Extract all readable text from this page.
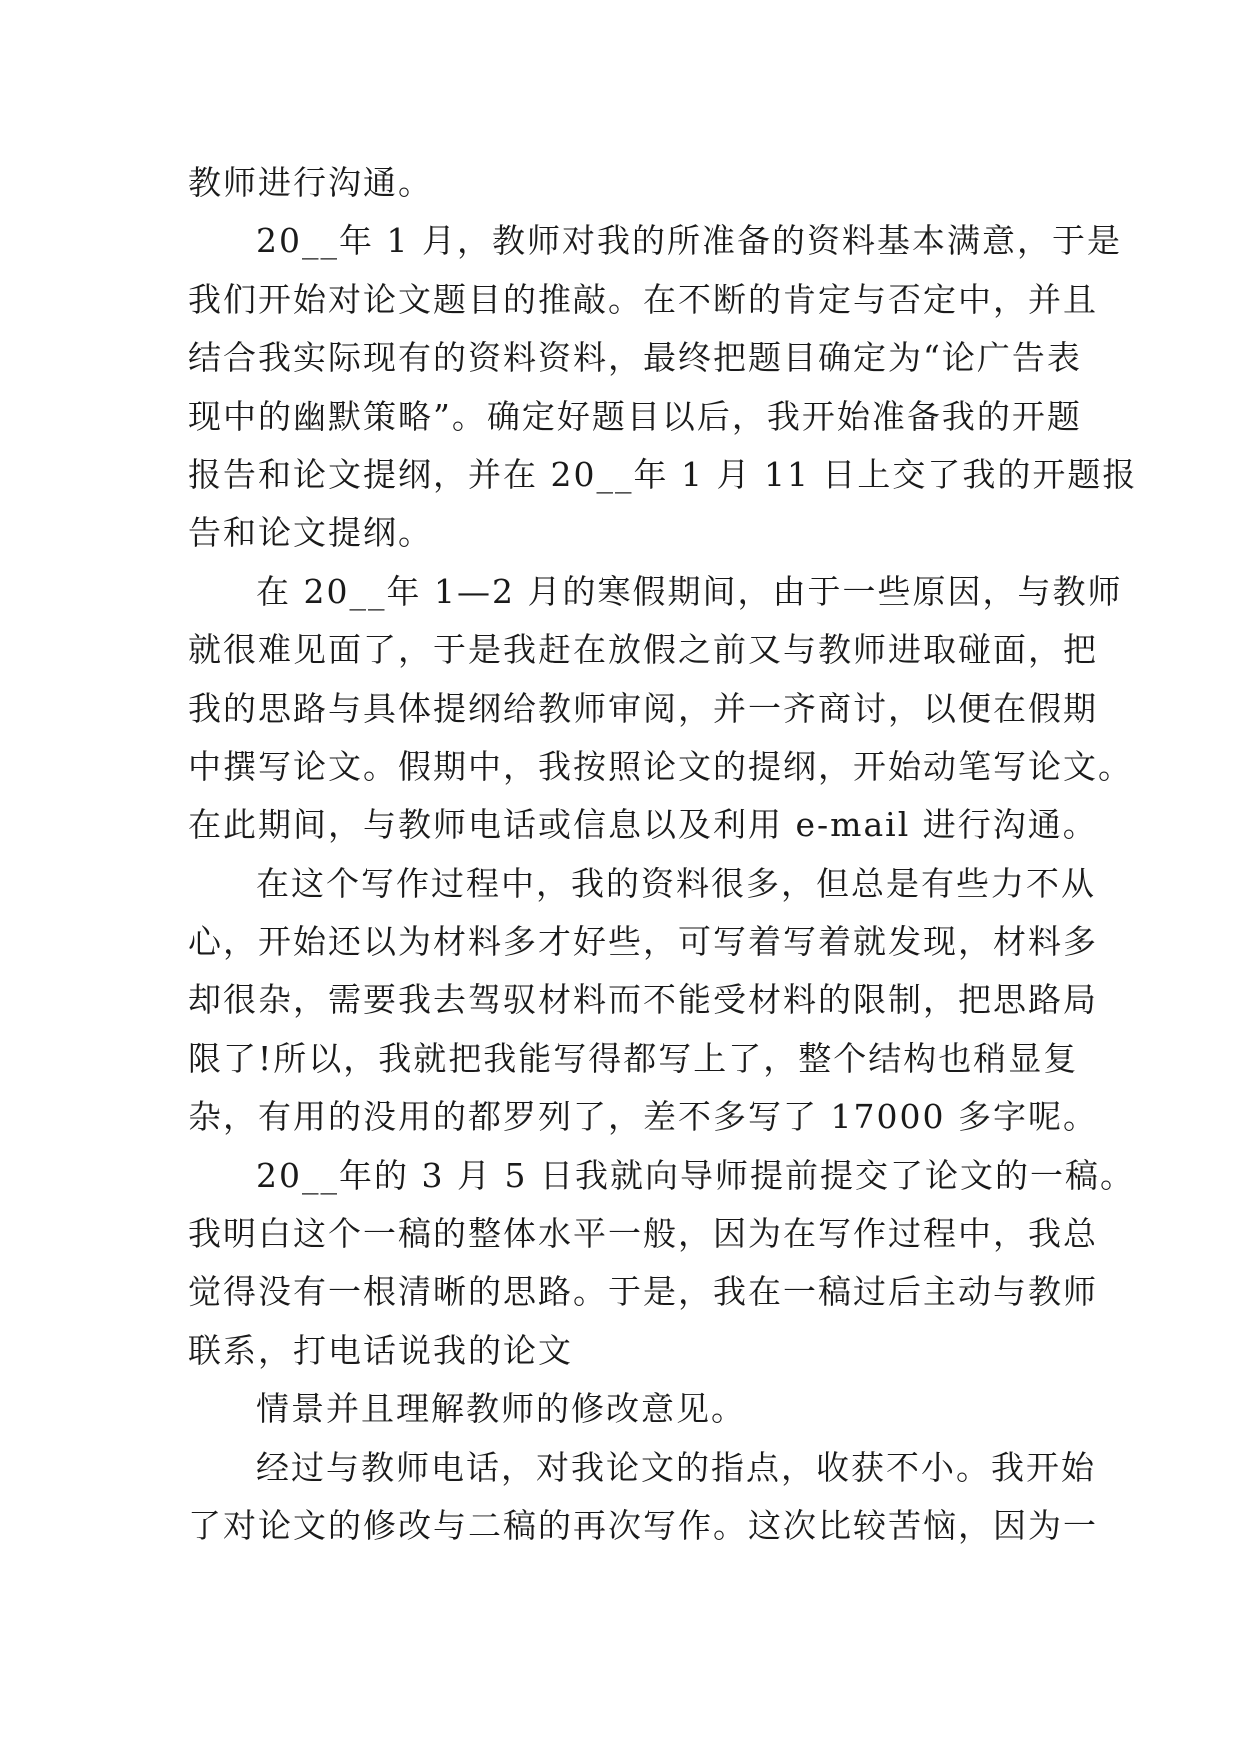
教师进行沟通。
20__年 1 月，教师对我的所准备的资料基本满意，于是
我们开始对论文题目的推敲。在不断的肯定与否定中，并且
结合我实际现有的资料资料，最终把题目确定为“论广告表
现中的幽默策略”。确定好题目以后，我开始准备我的开题
报告和论文提纲，并在 20__年 1 月 11 日上交了我的开题报
告和论文提纲。
在 20__年 1—2 月的寒假期间，由于一些原因，与教师
就很难见面了，于是我赶在放假之前又与教师进取碰面，把
我的思路与具体提纲给教师审阅，并一齐商讨，以便在假期
中撰写论文。假期中，我按照论文的提纲，开始动笔写论文。
在此期间，与教师电话或信息以及利用 e-mail 进行沟通。
在这个写作过程中，我的资料很多，但总是有些力不从
心，开始还以为材料多才好些，可写着写着就发现，材料多
却很杂，需要我去驾驭材料而不能受材料的限制，把思路局
限了!所以，我就把我能写得都写上了，整个结构也稍显复
杂，有用的没用的都罗列了，差不多写了 17000 多字呢。
20__年的 3 月 5 日我就向导师提前提交了论文的一稿。
我明白这个一稿的整体水平一般，因为在写作过程中，我总
觉得没有一根清晰的思路。于是，我在一稿过后主动与教师
联系，打电话说我的论文
情景并且理解教师的修改意见。
经过与教师电话，对我论文的指点，收获不小。我开始
了对论文的修改与二稿的再次写作。这次比较苦恼，因为一
